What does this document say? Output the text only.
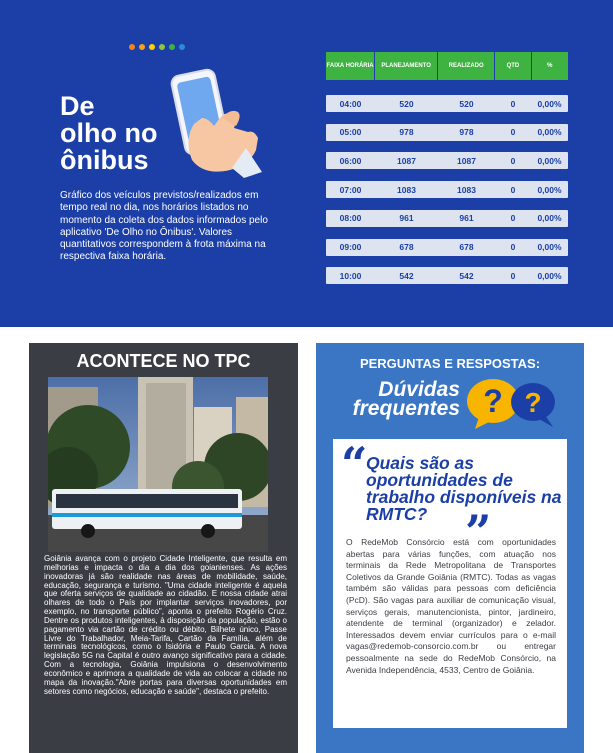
De
olho no
ônibus

Gráfico dos veículos previstos/realizados em tempo real no dia, nos horários listados no momento da coleta dos dados informados pelo aplicativo 'De Olho no Ônibus'. Valores quantitativos correspondem à frota máxima na respectiva faixa horária.

FAIXA HORÁRIA	PLANEJAMENTO	REALIZADO	QTD	%
04:00	520	520	0	0,00%
05:00	978	978	0	0,00%
06:00	1087	1087	0	0,00%
07:00	1083	1083	0	0,00%
08:00	961	961	0	0,00%
09:00	678	678	0	0,00%
10:00	542	542	0	0,00%
ACONTECE NO TPC

Goiânia avança com o projeto Cidade Inteligente, que resulta em melhorias e impacta o dia a dia dos goianienses. As ações inovadoras já são realidade nas áreas de mobilidade, saúde, educação, segurança e turismo. "Uma cidade inteligente é aquela que oferta serviços de qualidade ao cidadão. E nossa cidade atrai olhares de todo o País por implantar serviços inovadores, por exemplo, no transporte público", aponta o prefeito Rogério Cruz. Dentre os produtos inteligentes, à disposição da população, estão o pagamento via cartão de crédito ou débito, Bilhete único, Passe Livre do Trabalhador, Meia-Tarifa, Cartão da Família, além de terminais tecnológicos, como o Isidória e Paulo Garcia. A nova legislação 5G na Capital é outro avanço significativo para a cidade. Com a tecnologia, Goiânia impulsiona o desenvolvimento econômico e aprimora a qualidade de vida ao colocar a cidade no mapa da inovação."Abre portas para diversas oportunidades em setores como negócios, educação e saúde", destaca o prefeito.

PERGUNTAS E RESPOSTAS:
Dúvidas
frequentes ? ?
“
Quais são as oportunidades de trabalho disponíveis na RMTC? ”

O RedeMob Consórcio está com oportunidades abertas para várias funções, com atuação nos terminais da Rede Metropolitana de Transportes Coletivos da Grande Goiânia (RMTC). Todas as vagas também são válidas para pessoas com deficiência (PcD). São vagas para auxiliar de comunicação visual, serviços gerais, manutencionista, pintor, jardineiro, atendente de terminal (organizador) e zelador. Interessados devem enviar currículos para o e-mail vagas@redemob-consorcio.com.br ou entregar pessoalmente na sede do RedeMob Consórcio, na Avenida Independência, 4533, Centro de Goiânia.
